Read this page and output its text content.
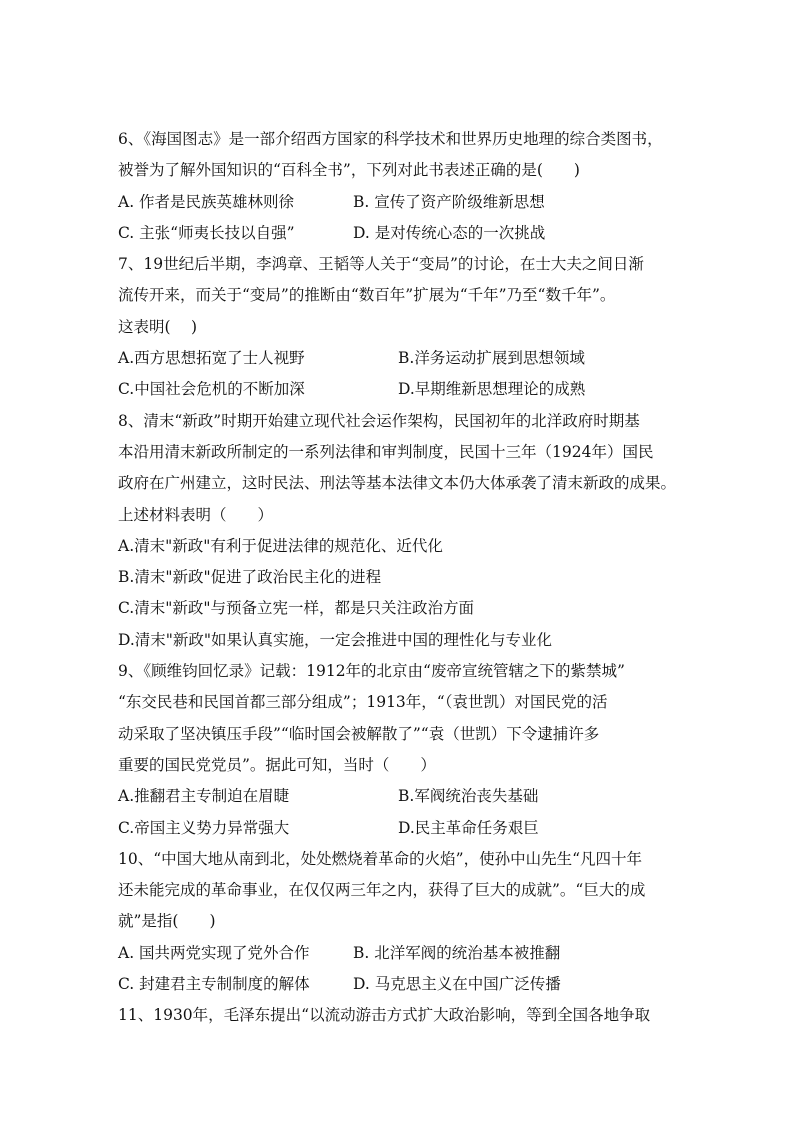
6、《海国图志》是一部介绍西方国家的科学技术和世界历史地理的综合类图书，
被誉为了解外国知识的“百科全书”，下列对此书表述正确的是(　　)
A. 作者是民族英雄林则徐	B. 宣传了资产阶级维新思想
C. 主张“师夷长技以自强”	D. 是对传统心态的一次挑战
7、19世纪后半期，李鸿章、王韬等人关于“变局”的讨论，在士大夫之间日渐
流传开来，而关于“变局”的推断由“数百年”扩展为“千年”乃至“数千年”。
这表明(　 )
A.西方思想拓宽了士人视野	B.洋务运动扩展到思想领域
C.中国社会危机的不断加深	D.早期维新思想理论的成熟
8、清末“新政”时期开始建立现代社会运作架构，民国初年的北洋政府时期基
本沿用清末新政所制定的一系列法律和审判制度，民国十三年（1924年）国民
政府在广州建立，这时民法、刑法等基本法律文本仍大体承袭了清末新政的成果。
上述材料表明（　　）
A.清末"新政"有利于促进法律的规范化、近代化
B.清末"新政"促进了政治民主化的进程
C.清末"新政"与预备立宪一样，都是只关注政治方面
D.清末"新政"如果认真实施，一定会推进中国的理性化与专业化
9、《顾维钧回忆录》记载：1912年的北京由“废帝宣统管辖之下的紫禁城”
“东交民巷和民国首都三部分组成”；1913年，“（袁世凯）对国民党的活
动采取了坚决镇压手段”“临时国会被解散了”“袁（世凯）下令逮捕许多
重要的国民党党员”。据此可知，当时（　　）
A.推翻君主专制迫在眉睫	B.军阀统治丧失基础
C.帝国主义势力异常强大	D.民主革命任务艰巨
10、“中国大地从南到北，处处燃烧着革命的火焰”，使孙中山先生“凡四十年
还未能完成的革命事业，在仅仅两三年之内，获得了巨大的成就”。“巨大的成
就”是指(　　)
A. 国共两党实现了党外合作	B. 北洋军阀的统治基本被推翻
C. 封建君主专制制度的解体	D. 马克思主义在中国广泛传播
11、1930年，毛泽东提出“以流动游击方式扩大政治影响，等到全国各地争取
